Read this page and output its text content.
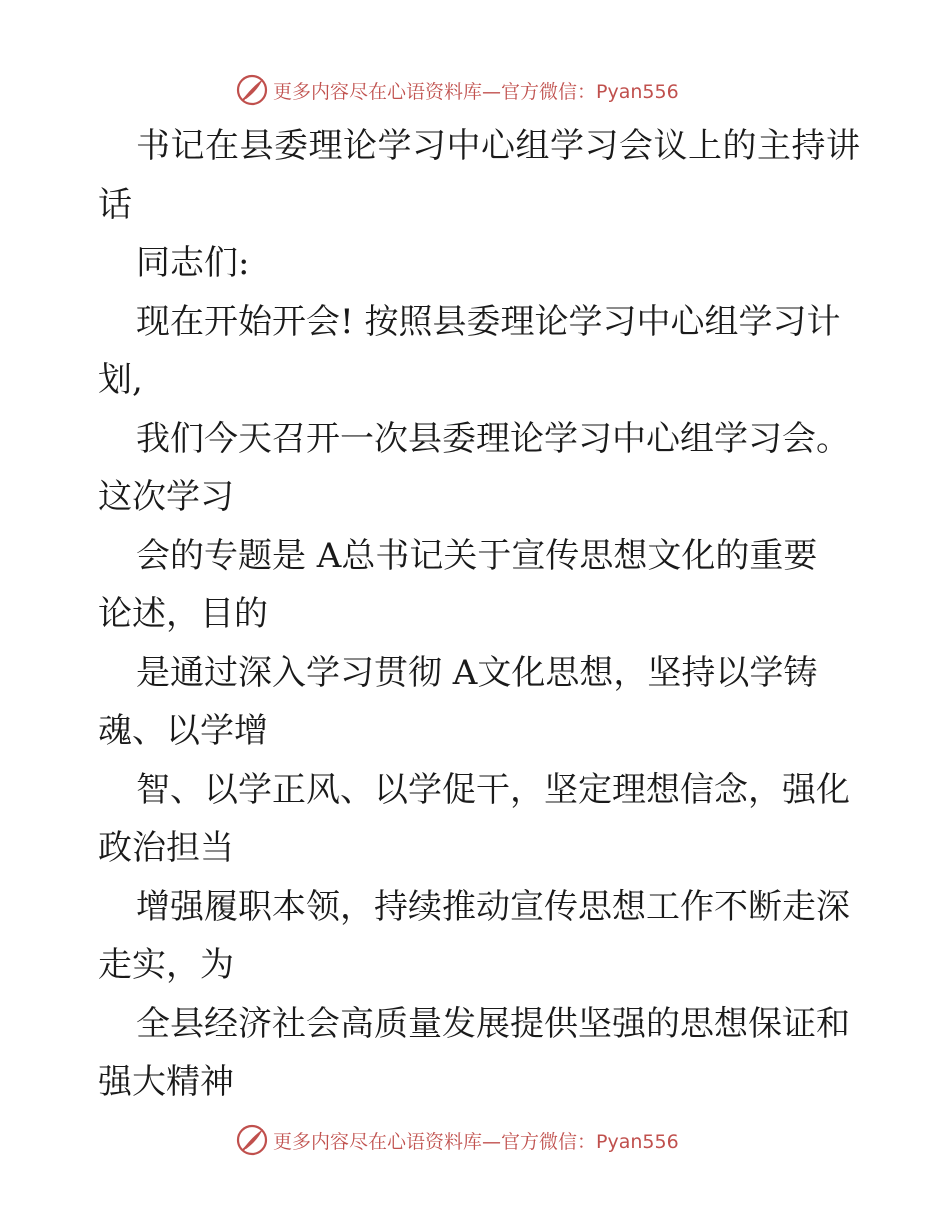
更多内容尽在心语资料库—官方微信：Pyan556
书记在县委理论学习中心组学习会议上的主持讲
话
同志们:
现在开始开会! 按照县委理论学习中心组学习计
划,
我们今天召开一次县委理论学习中心组学习会。
这次学习
会的专题是 A总书记关于宣传思想文化的重要
论述，目的
是通过深入学习贯彻 A文化思想，坚持以学铸
魂、以学增
智、以学正风、以学促干，坚定理想信念，强化
政治担当
增强履职本领，持续推动宣传思想工作不断走深
走实，为
全县经济社会高质量发展提供坚强的思想保证和
强大精神
更多内容尽在心语资料库—官方微信：Pyan556
